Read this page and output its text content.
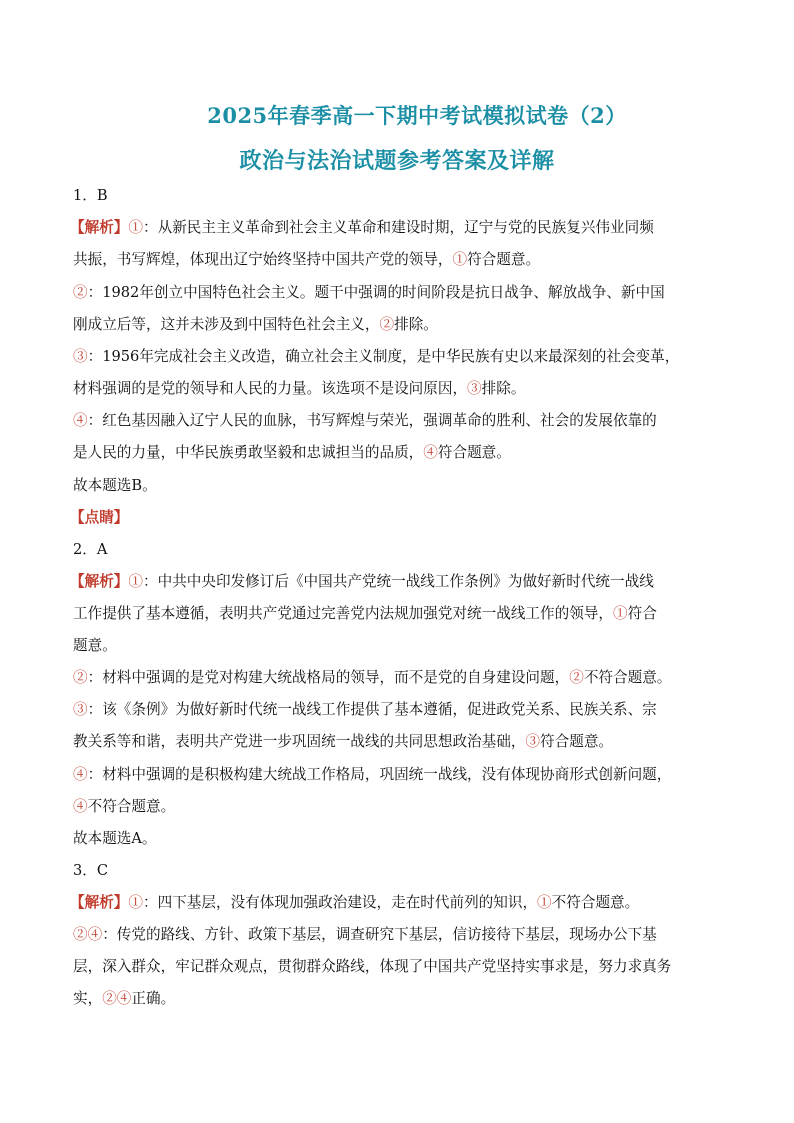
2025年春季高一下期中考试模拟试卷（2）
政治与法治试题参考答案及详解
1．B
【解析】①：从新民主主义革命到社会主义革命和建设时期，辽宁与党的民族复兴伟业同频
共振，书写辉煌，体现出辽宁始终坚持中国共产党的领导，①符合题意。
②：1982年创立中国特色社会主义。题干中强调的时间阶段是抗日战争、解放战争、新中国
刚成立后等，这并未涉及到中国特色社会主义，②排除。
③：1956年完成社会主义改造，确立社会主义制度，是中华民族有史以来最深刻的社会变革，
材料强调的是党的领导和人民的力量。该选项不是设问原因，③排除。
④：红色基因融入辽宁人民的血脉，书写辉煌与荣光，强调革命的胜利、社会的发展依靠的
是人民的力量，中华民族勇敢坚毅和忠诚担当的品质，④符合题意。
故本题选B。
【点睛】
2．A
【解析】①：中共中央印发修订后《中国共产党统一战线工作条例》为做好新时代统一战线
工作提供了基本遵循，表明共产党通过完善党内法规加强党对统一战线工作的领导，①符合
题意。
②：材料中强调的是党对构建大统战格局的领导，而不是党的自身建设问题，②不符合题意。
③：该《条例》为做好新时代统一战线工作提供了基本遵循，促进政党关系、民族关系、宗
教关系等和谐，表明共产党进一步巩固统一战线的共同思想政治基础，③符合题意。
④：材料中强调的是积极构建大统战工作格局，巩固统一战线，没有体现协商形式创新问题，
④不符合题意。
故本题选A。
3．C
【解析】①：四下基层，没有体现加强政治建设，走在时代前列的知识，①不符合题意。
②④：传党的路线、方针、政策下基层，调查研究下基层，信访接待下基层，现场办公下基
层，深入群众，牢记群众观点，贯彻群众路线，体现了中国共产党坚持实事求是，努力求真务
实，②④正确。
